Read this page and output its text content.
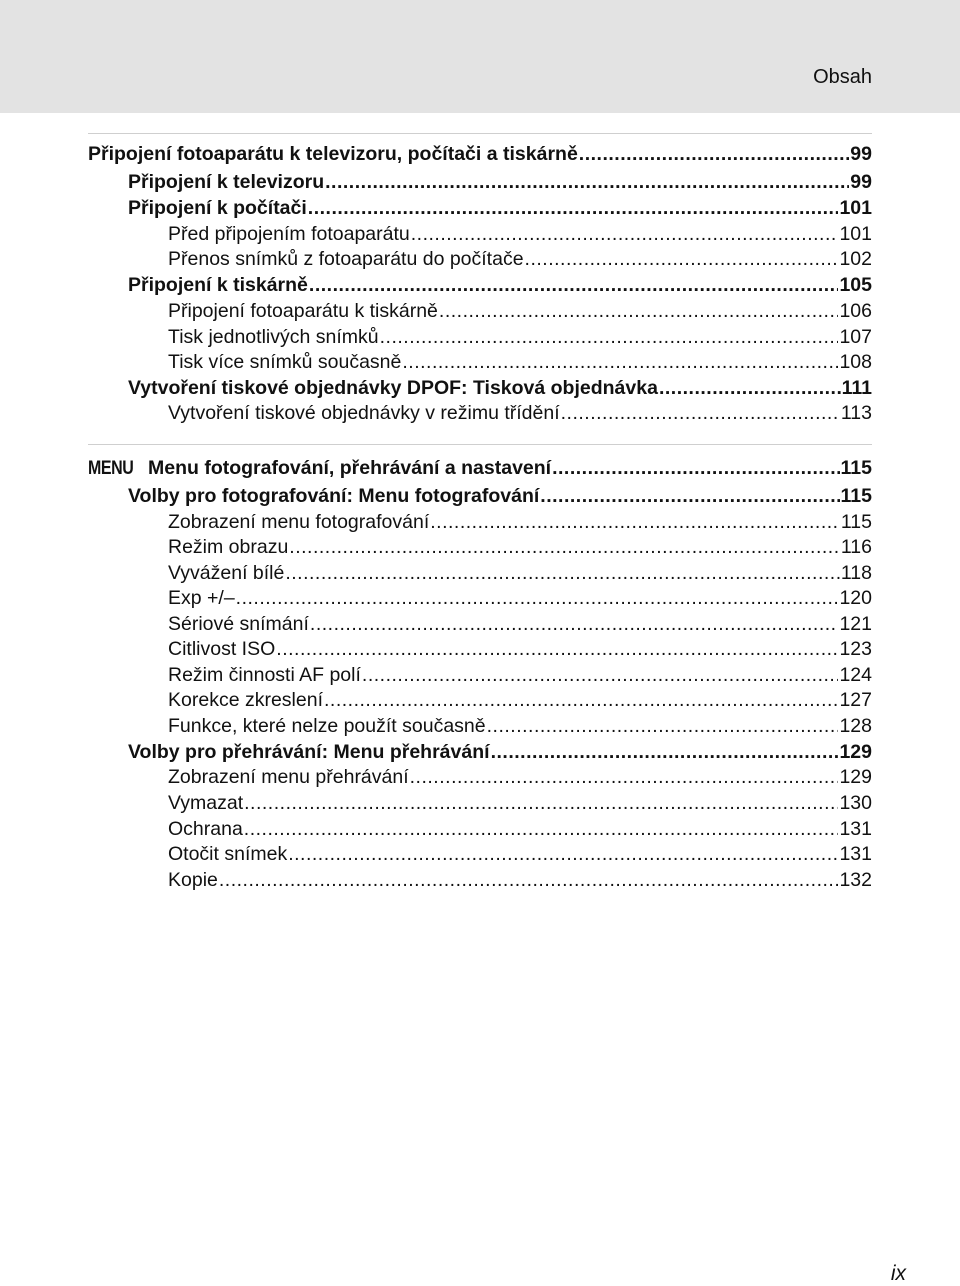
Obsah
Připojení fotoaparátu k televizoru, počítači a tiskárně .....	99
Připojení k televizoru .....	99
Připojení k počítači .....	101
Před připojením fotoaparátu .....	101
Přenos snímků z fotoaparátu do počítače .....	102
Připojení k tiskárně .....	105
Připojení fotoaparátu k tiskárně .....	106
Tisk jednotlivých snímků .....	107
Tisk více snímků současně .....	108
Vytvoření tiskové objednávky DPOF: Tisková objednávka .....	111
Vytvoření tiskové objednávky v režimu třídění .....	113
MENU Menu fotografování, přehrávání a nastavení .....	115
Volby pro fotografování: Menu fotografování .....	115
Zobrazení menu fotografování .....	115
Režim obrazu .....	116
Vyvážení bílé .....	118
Exp +/– .....	120
Sériové snímání .....	121
Citlivost ISO .....	123
Režim činnosti AF polí .....	124
Korekce zkreslení .....	127
Funkce, které nelze použít současně .....	128
Volby pro přehrávání: Menu přehrávání .....	129
Zobrazení menu přehrávání .....	129
Vymazat .....	130
Ochrana .....	131
Otočit snímek .....	131
Kopie .....	132
ix
